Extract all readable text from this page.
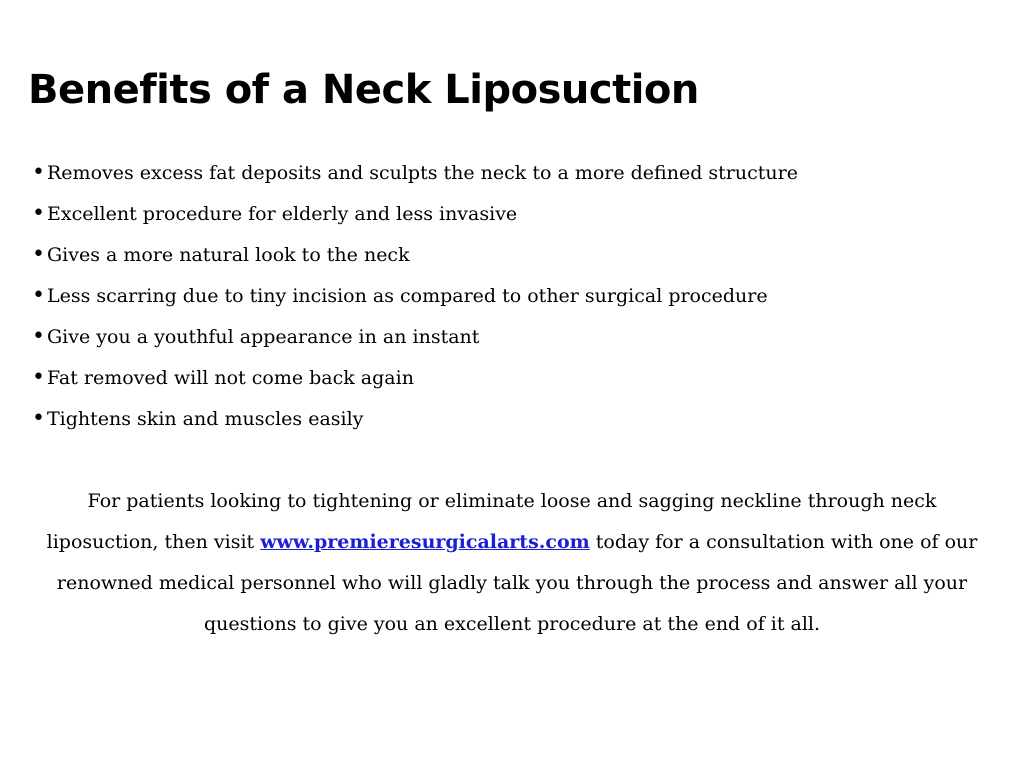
Benefits of a Neck Liposuction
• Removes excess fat deposits and sculpts the neck to a more defined structure
• Excellent procedure for elderly and less invasive
• Gives a more natural look to the neck
• Less scarring due to tiny incision as compared to other surgical procedure
• Give you a youthful appearance in an instant
• Fat removed will not come back again
• Tightens skin and muscles easily

For patients looking to tightening or eliminate loose and sagging neckline through neck liposuction, then visit www.premieresurgicalarts.com today for a consultation with one of our renowned medical personnel who will gladly talk you through the process and answer all your questions to give you an excellent procedure at the end of it all.
